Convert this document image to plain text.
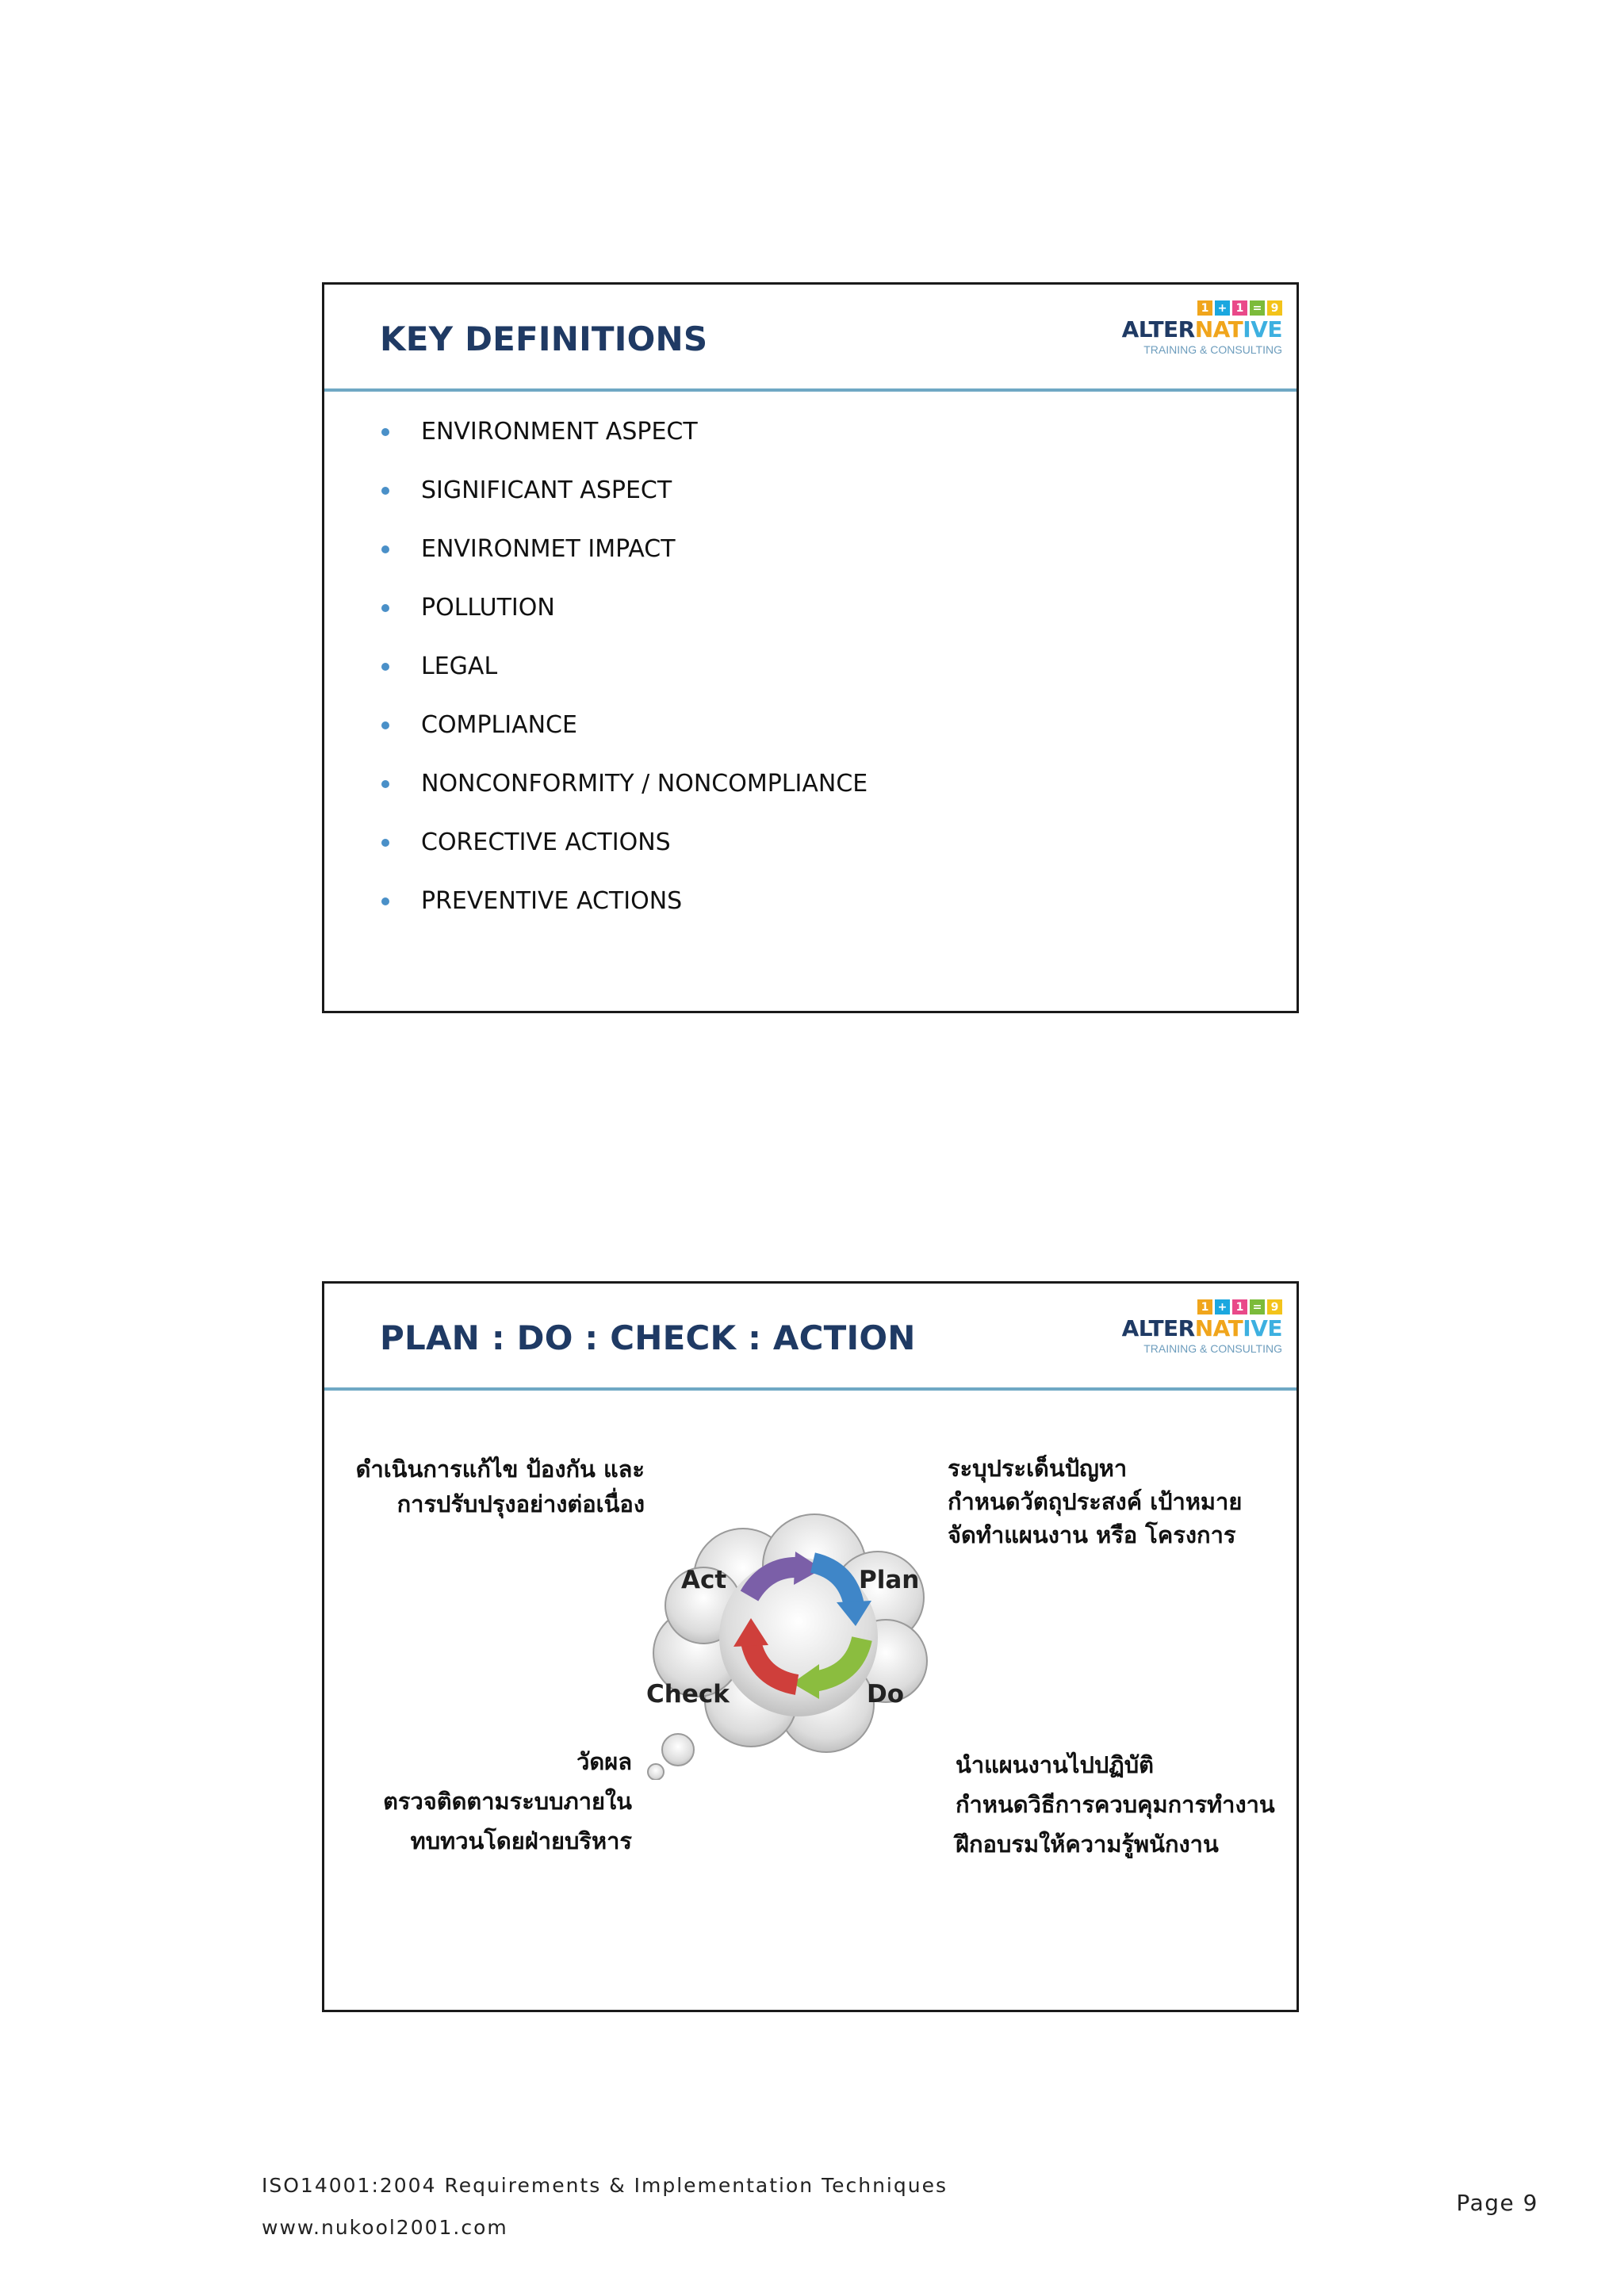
KEY DEFINITIONS
1 + 1 = 9
ALTERNATIVE
TRAINING & CONSULTING
ENVIRONMENT ASPECT
SIGNIFICANT ASPECT
ENVIRONMET IMPACT
POLLUTION
LEGAL
COMPLIANCE
NONCONFORMITY / NONCOMPLIANCE
CORECTIVE ACTIONS
PREVENTIVE ACTIONS
PLAN : DO : CHECK : ACTION
1 + 1 = 9
ALTERNATIVE
TRAINING & CONSULTING
ดำเนินการแก้ไข ป้องกัน และ
การปรับปรุงอย่างต่อเนื่อง
ระบุประเด็นปัญหา
กำหนดวัตถุประสงค์ เป้าหมาย
จัดทำแผนงาน หรือ โครงการ
วัดผล
ตรวจติดตามระบบภายใน
ทบทวนโดยฝ่ายบริหาร
นำแผนงานไปปฏิบัติ
กำหนดวิธีการควบคุมการทำงาน
ฝึกอบรมให้ความรู้พนักงาน
Act	Plan
Check	Do
ISO14001:2004 Requirements & Implementation Techniques
www.nukool2001.com
Page 9
